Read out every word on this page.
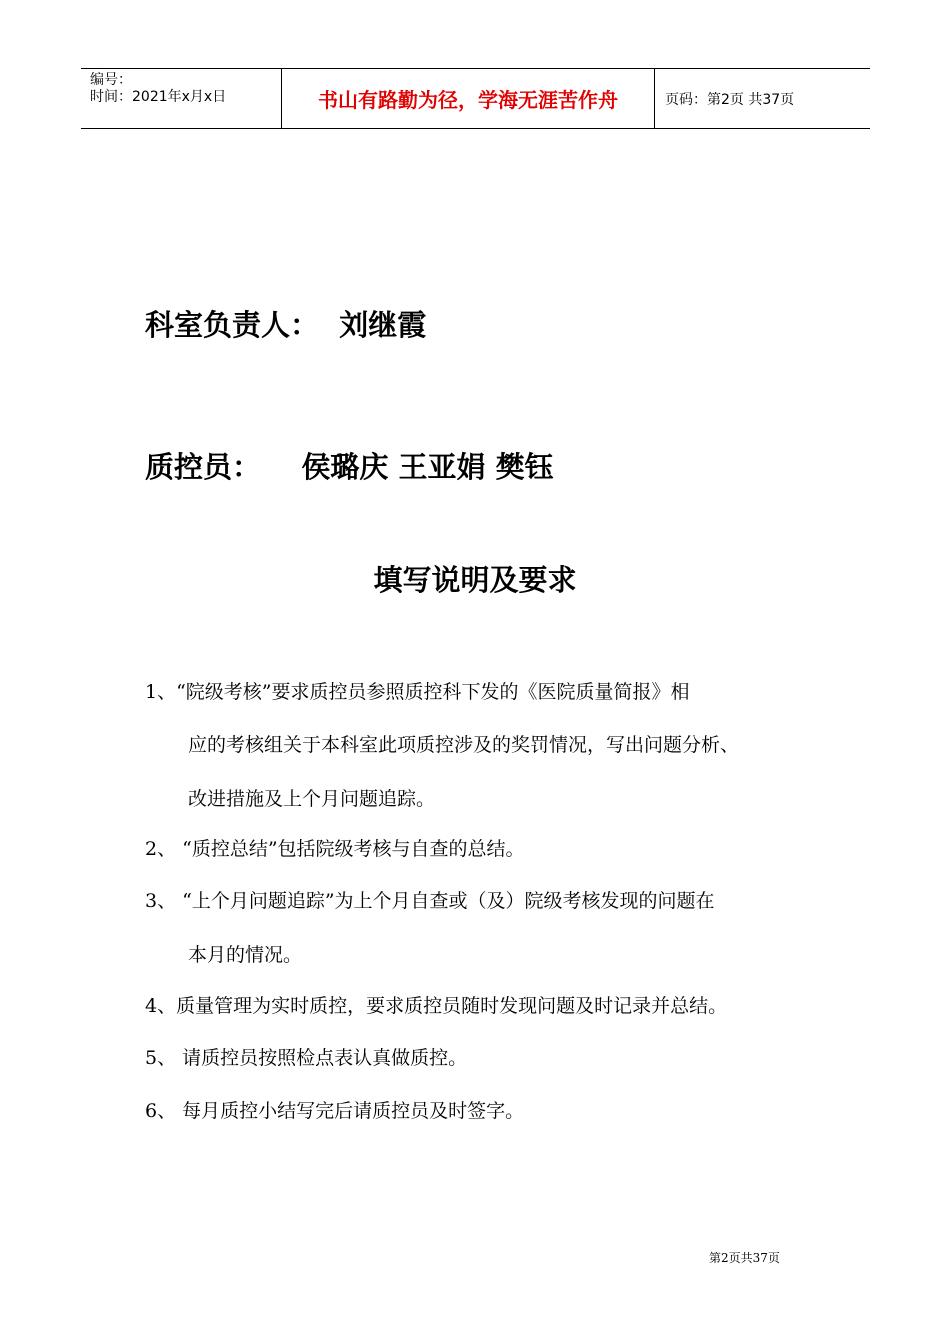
编号：
时间：2021年x月x日	书山有路勤为径，学海无涯苦作舟	页码：第2页 共37页
科室负责人：  刘继霞
质控员：    侯璐庆 王亚娟 樊钰
填写说明及要求
1、“院级考核”要求质控员参照质控科下发的《医院质量简报》相
应的考核组关于本科室此项质控涉及的奖罚情况，写出问题分析、
改进措施及上个月问题追踪。
2、 “质控总结”包括院级考核与自查的总结。
3、 “上个月问题追踪”为上个月自查或（及）院级考核发现的问题在
本月的情况。
4、质量管理为实时质控，要求质控员随时发现问题及时记录并总结。
5、 请质控员按照检点表认真做质控。
6、 每月质控小结写完后请质控员及时签字。
第2页共37页
